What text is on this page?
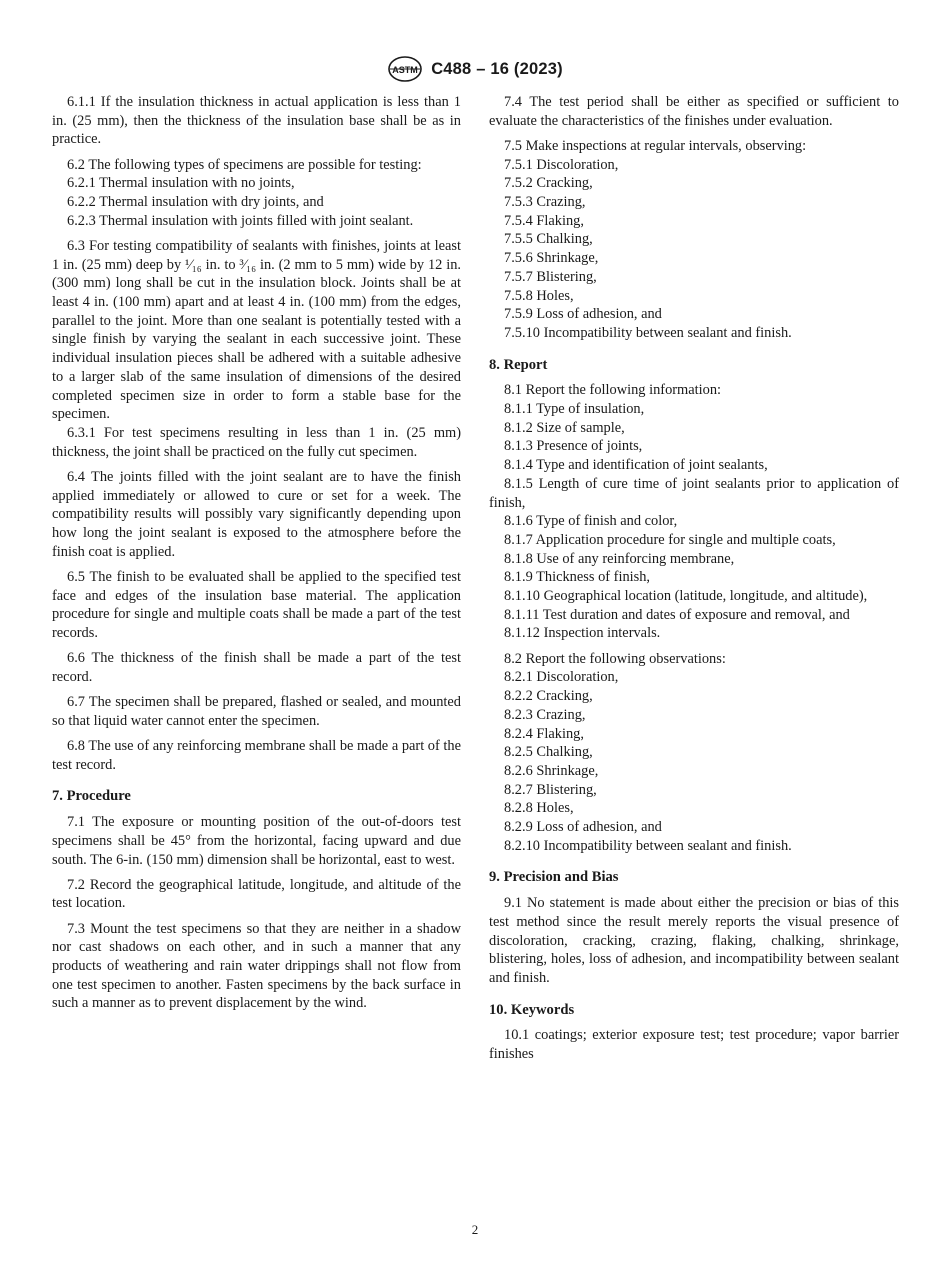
ASTM C488 – 16 (2023)

6.1.1 If the insulation thickness in actual application is less than 1 in. (25 mm), then the thickness of the insulation base shall be as in practice.

6.2 The following types of specimens are possible for testing:

6.2.1 Thermal insulation with no joints,

6.2.2 Thermal insulation with dry joints, and

6.2.3 Thermal insulation with joints filled with joint sealant.

6.3 For testing compatibility of sealants with finishes, joints at least 1 in. (25 mm) deep by ¹⁄₁₆ in. to ³⁄₁₆ in. (2 mm to 5 mm) wide by 12 in. (300 mm) long shall be cut in the insulation block. Joints shall be at least 4 in. (100 mm) apart and at least 4 in. (100 mm) from the edges, parallel to the joint. More than one sealant is potentially tested with a single finish by varying the sealant in each successive joint. These individual insulation pieces shall be adhered with a suitable adhesive to a larger slab of the same insulation of dimensions of the desired completed specimen size in order to form a stable base for the specimen.

6.3.1 For test specimens resulting in less than 1 in. (25 mm) thickness, the joint shall be practiced on the fully cut specimen.

6.4 The joints filled with the joint sealant are to have the finish applied immediately or allowed to cure or set for a week. The compatibility results will possibly vary significantly depending upon how long the joint sealant is exposed to the atmosphere before the finish coat is applied.

6.5 The finish to be evaluated shall be applied to the specified test face and edges of the insulation base material. The application procedure for single and multiple coats shall be made a part of the test records.

6.6 The thickness of the finish shall be made a part of the test record.

6.7 The specimen shall be prepared, flashed or sealed, and mounted so that liquid water cannot enter the specimen.

6.8 The use of any reinforcing membrane shall be made a part of the test record.

7. Procedure

7.1 The exposure or mounting position of the out-of-doors test specimens shall be 45° from the horizontal, facing upward and due south. The 6-in. (150 mm) dimension shall be horizontal, east to west.

7.2 Record the geographical latitude, longitude, and altitude of the test location.

7.3 Mount the test specimens so that they are neither in a shadow nor cast shadows on each other, and in such a manner that any products of weathering and rain water drippings shall not flow from one test specimen to another. Fasten specimens by the back surface in such a manner as to prevent displacement by the wind.

7.4 The test period shall be either as specified or sufficient to evaluate the characteristics of the finishes under evaluation.

7.5 Make inspections at regular intervals, observing:

7.5.1 Discoloration,

7.5.2 Cracking,

7.5.3 Crazing,

7.5.4 Flaking,

7.5.5 Chalking,

7.5.6 Shrinkage,

7.5.7 Blistering,

7.5.8 Holes,

7.5.9 Loss of adhesion, and

7.5.10 Incompatibility between sealant and finish.

8. Report

8.1 Report the following information:

8.1.1 Type of insulation,

8.1.2 Size of sample,

8.1.3 Presence of joints,

8.1.4 Type and identification of joint sealants,

8.1.5 Length of cure time of joint sealants prior to application of finish,

8.1.6 Type of finish and color,

8.1.7 Application procedure for single and multiple coats,

8.1.8 Use of any reinforcing membrane,

8.1.9 Thickness of finish,

8.1.10 Geographical location (latitude, longitude, and altitude),

8.1.11 Test duration and dates of exposure and removal, and

8.1.12 Inspection intervals.

8.2 Report the following observations:

8.2.1 Discoloration,

8.2.2 Cracking,

8.2.3 Crazing,

8.2.4 Flaking,

8.2.5 Chalking,

8.2.6 Shrinkage,

8.2.7 Blistering,

8.2.8 Holes,

8.2.9 Loss of adhesion, and

8.2.10 Incompatibility between sealant and finish.

9. Precision and Bias

9.1 No statement is made about either the precision or bias of this test method since the result merely reports the visual presence of discoloration, cracking, crazing, flaking, chalking, shrinkage, blistering, holes, loss of adhesion, and incompatibility between sealant and finish.

10. Keywords

10.1 coatings; exterior exposure test; test procedure; vapor barrier finishes

2
